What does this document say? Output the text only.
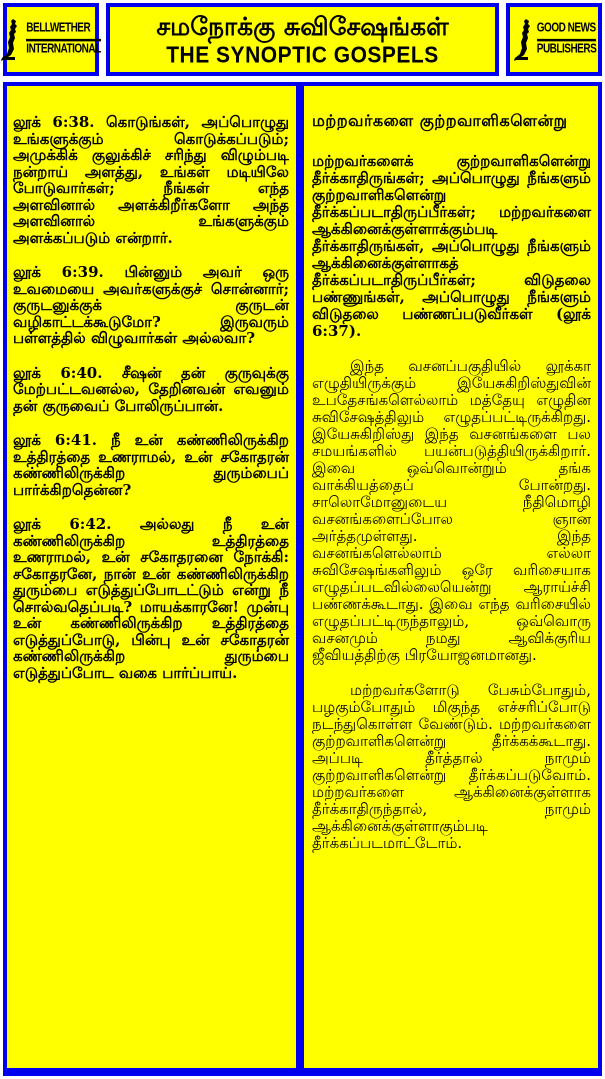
BELLWETHER
INTERNATIONAL
சமநோக்கு சுவிசேஷங்கள்
THE SYNOPTIC GOSPELS
GOOD NEWS
PUBLISHERS

லூக் 6:38. கொடுங்கள், அப்பொழுது உங்களுக்கும் கொடுக்கப்படும்; அமுக்கிக் குலுக்கிச் சரிந்து விழும்படி நன்றாய் அளத்து, உங்கள் மடியிலே போடுவார்கள்; நீங்கள் எந்த அளவினால் அளக்கிறீர்களோ அந்த அளவினால் உங்களுக்கும் அளக்கப்படும் என்றார்.

லூக் 6:39. பின்னும் அவர் ஒரு உவமையை அவர்களுக்குச் சொன்னார்; குருடனுக்குக் குருடன் வழிகாட்டக்கூடுமோ? இருவரும் பள்ளத்தில் விழுவார்கள் அல்லவா?

லூக் 6:40. சீஷன் தன் குருவுக்கு மேற்பட்டவனல்ல, தேறினவன் எவனும் தன் குருவைப் போலிருப்பான்.

லூக் 6:41. நீ உன் கண்ணிலிருக்கிற உத்திரத்தை உணராமல், உன் சகோதரன் கண்ணிலிருக்கிற துரும்பைப் பார்க்கிறதென்ன?

லூக் 6:42. அல்லது நீ உன் கண்ணிலிருக்கிற உத்திரத்தை உணராமல், உன் சகோதரனை நோக்கி: சகோதரனே, நான் உன் கண்ணிலிருக்கிற துரும்பை எடுத்துப்போடட்டும் என்று நீ சொல்வதெப்படி? மாயக்காரனே! முன்பு உன் கண்ணிலிருக்கிற உத்திரத்தை எடுத்துப்போடு, பின்பு உன் சகோதரன் கண்ணிலிருக்கிற துரும்பை எடுத்துப்போட வகை பார்ப்பாய்.

மற்றவர்களை குற்றவாளிகளென்று

மற்றவர்களைக் குற்றவாளிகளென்று தீர்க்காதிருங்கள்; அப்பொழுது நீங்களும் குற்றவாளிகளென்று தீர்க்கப்படாதிருப்பீர்கள்; மற்றவர்களை ஆக்கினைக்குள்ளாக்கும்படி தீர்க்காதிருங்கள், அப்பொழுது நீங்களும் ஆக்கினைக்குள்ளாகத் தீர்க்கப்படாதிருப்பீர்கள்; விடுதலை பண்ணுங்கள், அப்பொழுது நீங்களும் விடுதலை பண்ணப்படுவீர்கள் (லூக் 6:37).

இந்த வசனப்பகுதியில் லூக்கா எழுதியிருக்கும் இயேசுகிறிஸ்துவின் உபதேசங்களெல்லாம் மத்தேயு எழுதின சுவிசேஷத்திலும் எழுதப்பட்டிருக்கிறது. இயேசுகிறிஸ்து இந்த வசனங்களை பல சமயங்களில் பயன்படுத்தியிருக்கிறார். இவை ஒவ்வொன்றும் தங்க வாக்கியத்தைப் போன்றது. சாலொமோனுடைய நீதிமொழி வசனங்களைப்போல ஞான அர்த்தமுள்ளது. இந்த வசனங்களெல்லாம் எல்லா சுவிசேஷங்களிலும் ஒரே வரிசையாக எழுதப்படவில்லையென்று ஆராய்ச்சி பண்ணக்கூடாது. இவை எந்த வரிசையில் எழுதப்பட்டிருந்தாலும், ஒவ்வொரு வசனமும் நமது ஆவிக்குரிய ஜீவியத்திற்கு பிரயோஜனமானது.

மற்றவர்களோடு பேசும்போதும், பழகும்போதும் மிகுந்த எச்சரிப்போடு நடந்துகொள்ள வேண்டும். மற்றவர்களை குற்றவாளிகளென்று தீர்க்கக்கூடாது. அப்படி தீர்த்தால் நாமும் குற்றவாளிகளென்று தீர்க்கப்படுவோம். மற்றவர்களை ஆக்கினைக்குள்ளாக தீர்க்காதிருந்தால், நாமும் ஆக்கினைக்குள்ளாகும்படி தீர்க்கப்படமாட்டோம்.
